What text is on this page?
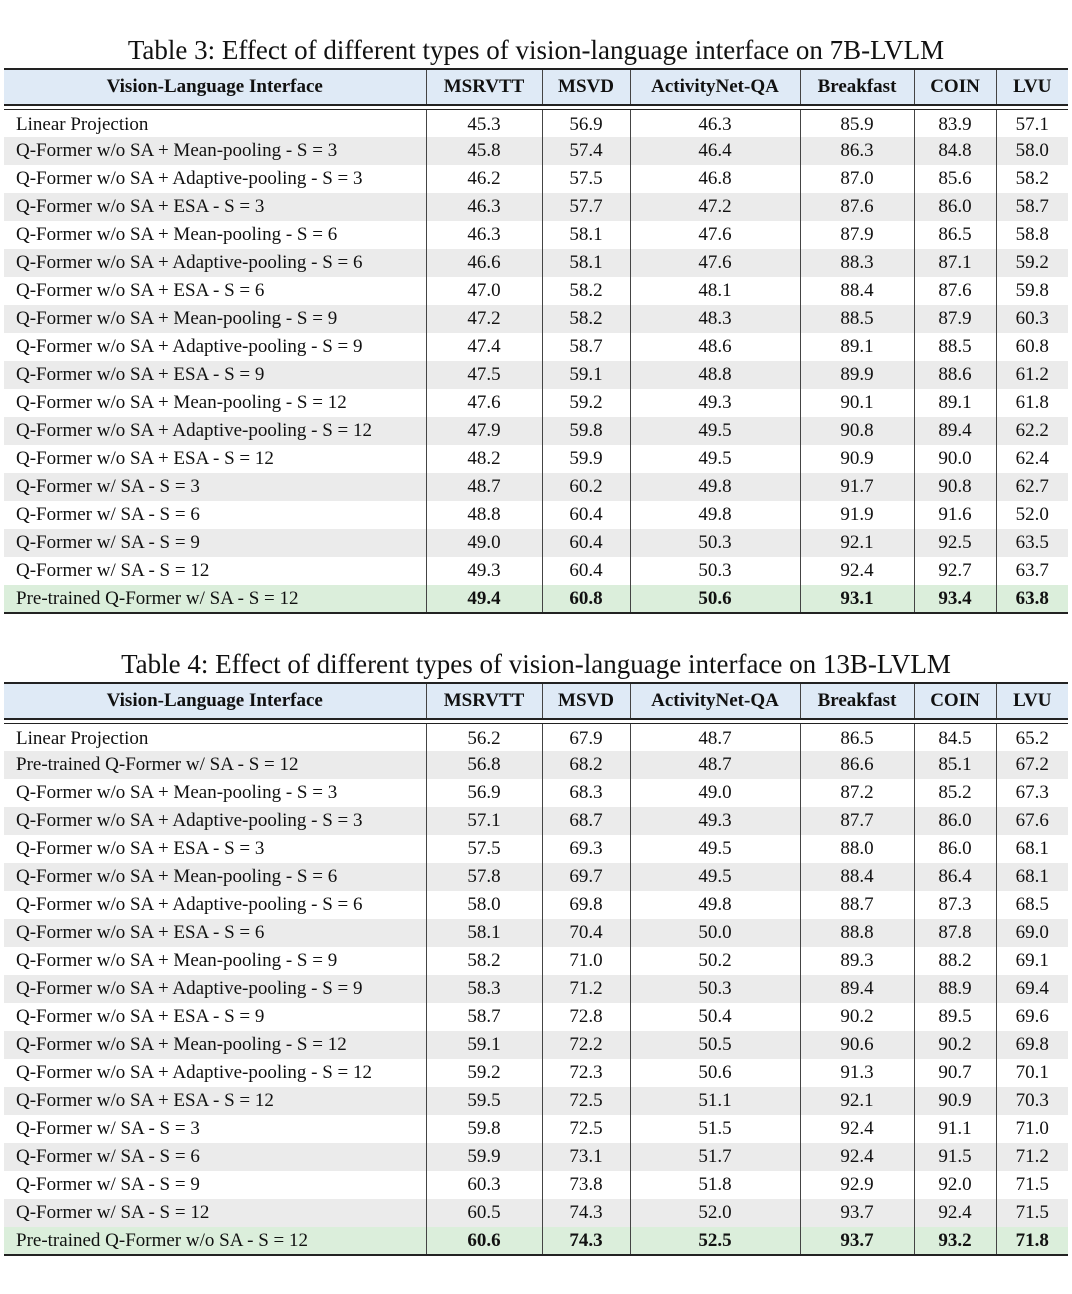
Table 3: Effect of different types of vision-language interface on 7B-LVLM
Vision-Language Interface	MSRVTT	MSVD	ActivityNet-QA	Breakfast	COIN	LVU

Linear Projection	45.3	56.9	46.3	85.9	83.9	57.1
Q-Former w/o SA + Mean-pooling - S = 3	45.8	57.4	46.4	86.3	84.8	58.0
Q-Former w/o SA + Adaptive-pooling - S = 3	46.2	57.5	46.8	87.0	85.6	58.2
Q-Former w/o SA + ESA - S = 3	46.3	57.7	47.2	87.6	86.0	58.7
Q-Former w/o SA + Mean-pooling - S = 6	46.3	58.1	47.6	87.9	86.5	58.8
Q-Former w/o SA + Adaptive-pooling - S = 6	46.6	58.1	47.6	88.3	87.1	59.2
Q-Former w/o SA + ESA - S = 6	47.0	58.2	48.1	88.4	87.6	59.8
Q-Former w/o SA + Mean-pooling - S = 9	47.2	58.2	48.3	88.5	87.9	60.3
Q-Former w/o SA + Adaptive-pooling - S = 9	47.4	58.7	48.6	89.1	88.5	60.8
Q-Former w/o SA + ESA - S = 9	47.5	59.1	48.8	89.9	88.6	61.2
Q-Former w/o SA + Mean-pooling - S = 12	47.6	59.2	49.3	90.1	89.1	61.8
Q-Former w/o SA + Adaptive-pooling - S = 12	47.9	59.8	49.5	90.8	89.4	62.2
Q-Former w/o SA + ESA - S = 12	48.2	59.9	49.5	90.9	90.0	62.4
Q-Former w/ SA - S = 3	48.7	60.2	49.8	91.7	90.8	62.7
Q-Former w/ SA - S = 6	48.8	60.4	49.8	91.9	91.6	52.0
Q-Former w/ SA - S = 9	49.0	60.4	50.3	92.1	92.5	63.5
Q-Former w/ SA - S = 12	49.3	60.4	50.3	92.4	92.7	63.7
Pre-trained Q-Former w/ SA - S = 12	49.4	60.8	50.6	93.1	93.4	63.8
Table 4: Effect of different types of vision-language interface on 13B-LVLM
Vision-Language Interface	MSRVTT	MSVD	ActivityNet-QA	Breakfast	COIN	LVU

Linear Projection	56.2	67.9	48.7	86.5	84.5	65.2
Pre-trained Q-Former w/ SA - S = 12	56.8	68.2	48.7	86.6	85.1	67.2
Q-Former w/o SA + Mean-pooling - S = 3	56.9	68.3	49.0	87.2	85.2	67.3
Q-Former w/o SA + Adaptive-pooling - S = 3	57.1	68.7	49.3	87.7	86.0	67.6
Q-Former w/o SA + ESA - S = 3	57.5	69.3	49.5	88.0	86.0	68.1
Q-Former w/o SA + Mean-pooling - S = 6	57.8	69.7	49.5	88.4	86.4	68.1
Q-Former w/o SA + Adaptive-pooling - S = 6	58.0	69.8	49.8	88.7	87.3	68.5
Q-Former w/o SA + ESA - S = 6	58.1	70.4	50.0	88.8	87.8	69.0
Q-Former w/o SA + Mean-pooling - S = 9	58.2	71.0	50.2	89.3	88.2	69.1
Q-Former w/o SA + Adaptive-pooling - S = 9	58.3	71.2	50.3	89.4	88.9	69.4
Q-Former w/o SA + ESA - S = 9	58.7	72.8	50.4	90.2	89.5	69.6
Q-Former w/o SA + Mean-pooling - S = 12	59.1	72.2	50.5	90.6	90.2	69.8
Q-Former w/o SA + Adaptive-pooling - S = 12	59.2	72.3	50.6	91.3	90.7	70.1
Q-Former w/o SA + ESA - S = 12	59.5	72.5	51.1	92.1	90.9	70.3
Q-Former w/ SA - S = 3	59.8	72.5	51.5	92.4	91.1	71.0
Q-Former w/ SA - S = 6	59.9	73.1	51.7	92.4	91.5	71.2
Q-Former w/ SA - S = 9	60.3	73.8	51.8	92.9	92.0	71.5
Q-Former w/ SA - S = 12	60.5	74.3	52.0	93.7	92.4	71.5
Pre-trained Q-Former w/o SA - S = 12	60.6	74.3	52.5	93.7	93.2	71.8
